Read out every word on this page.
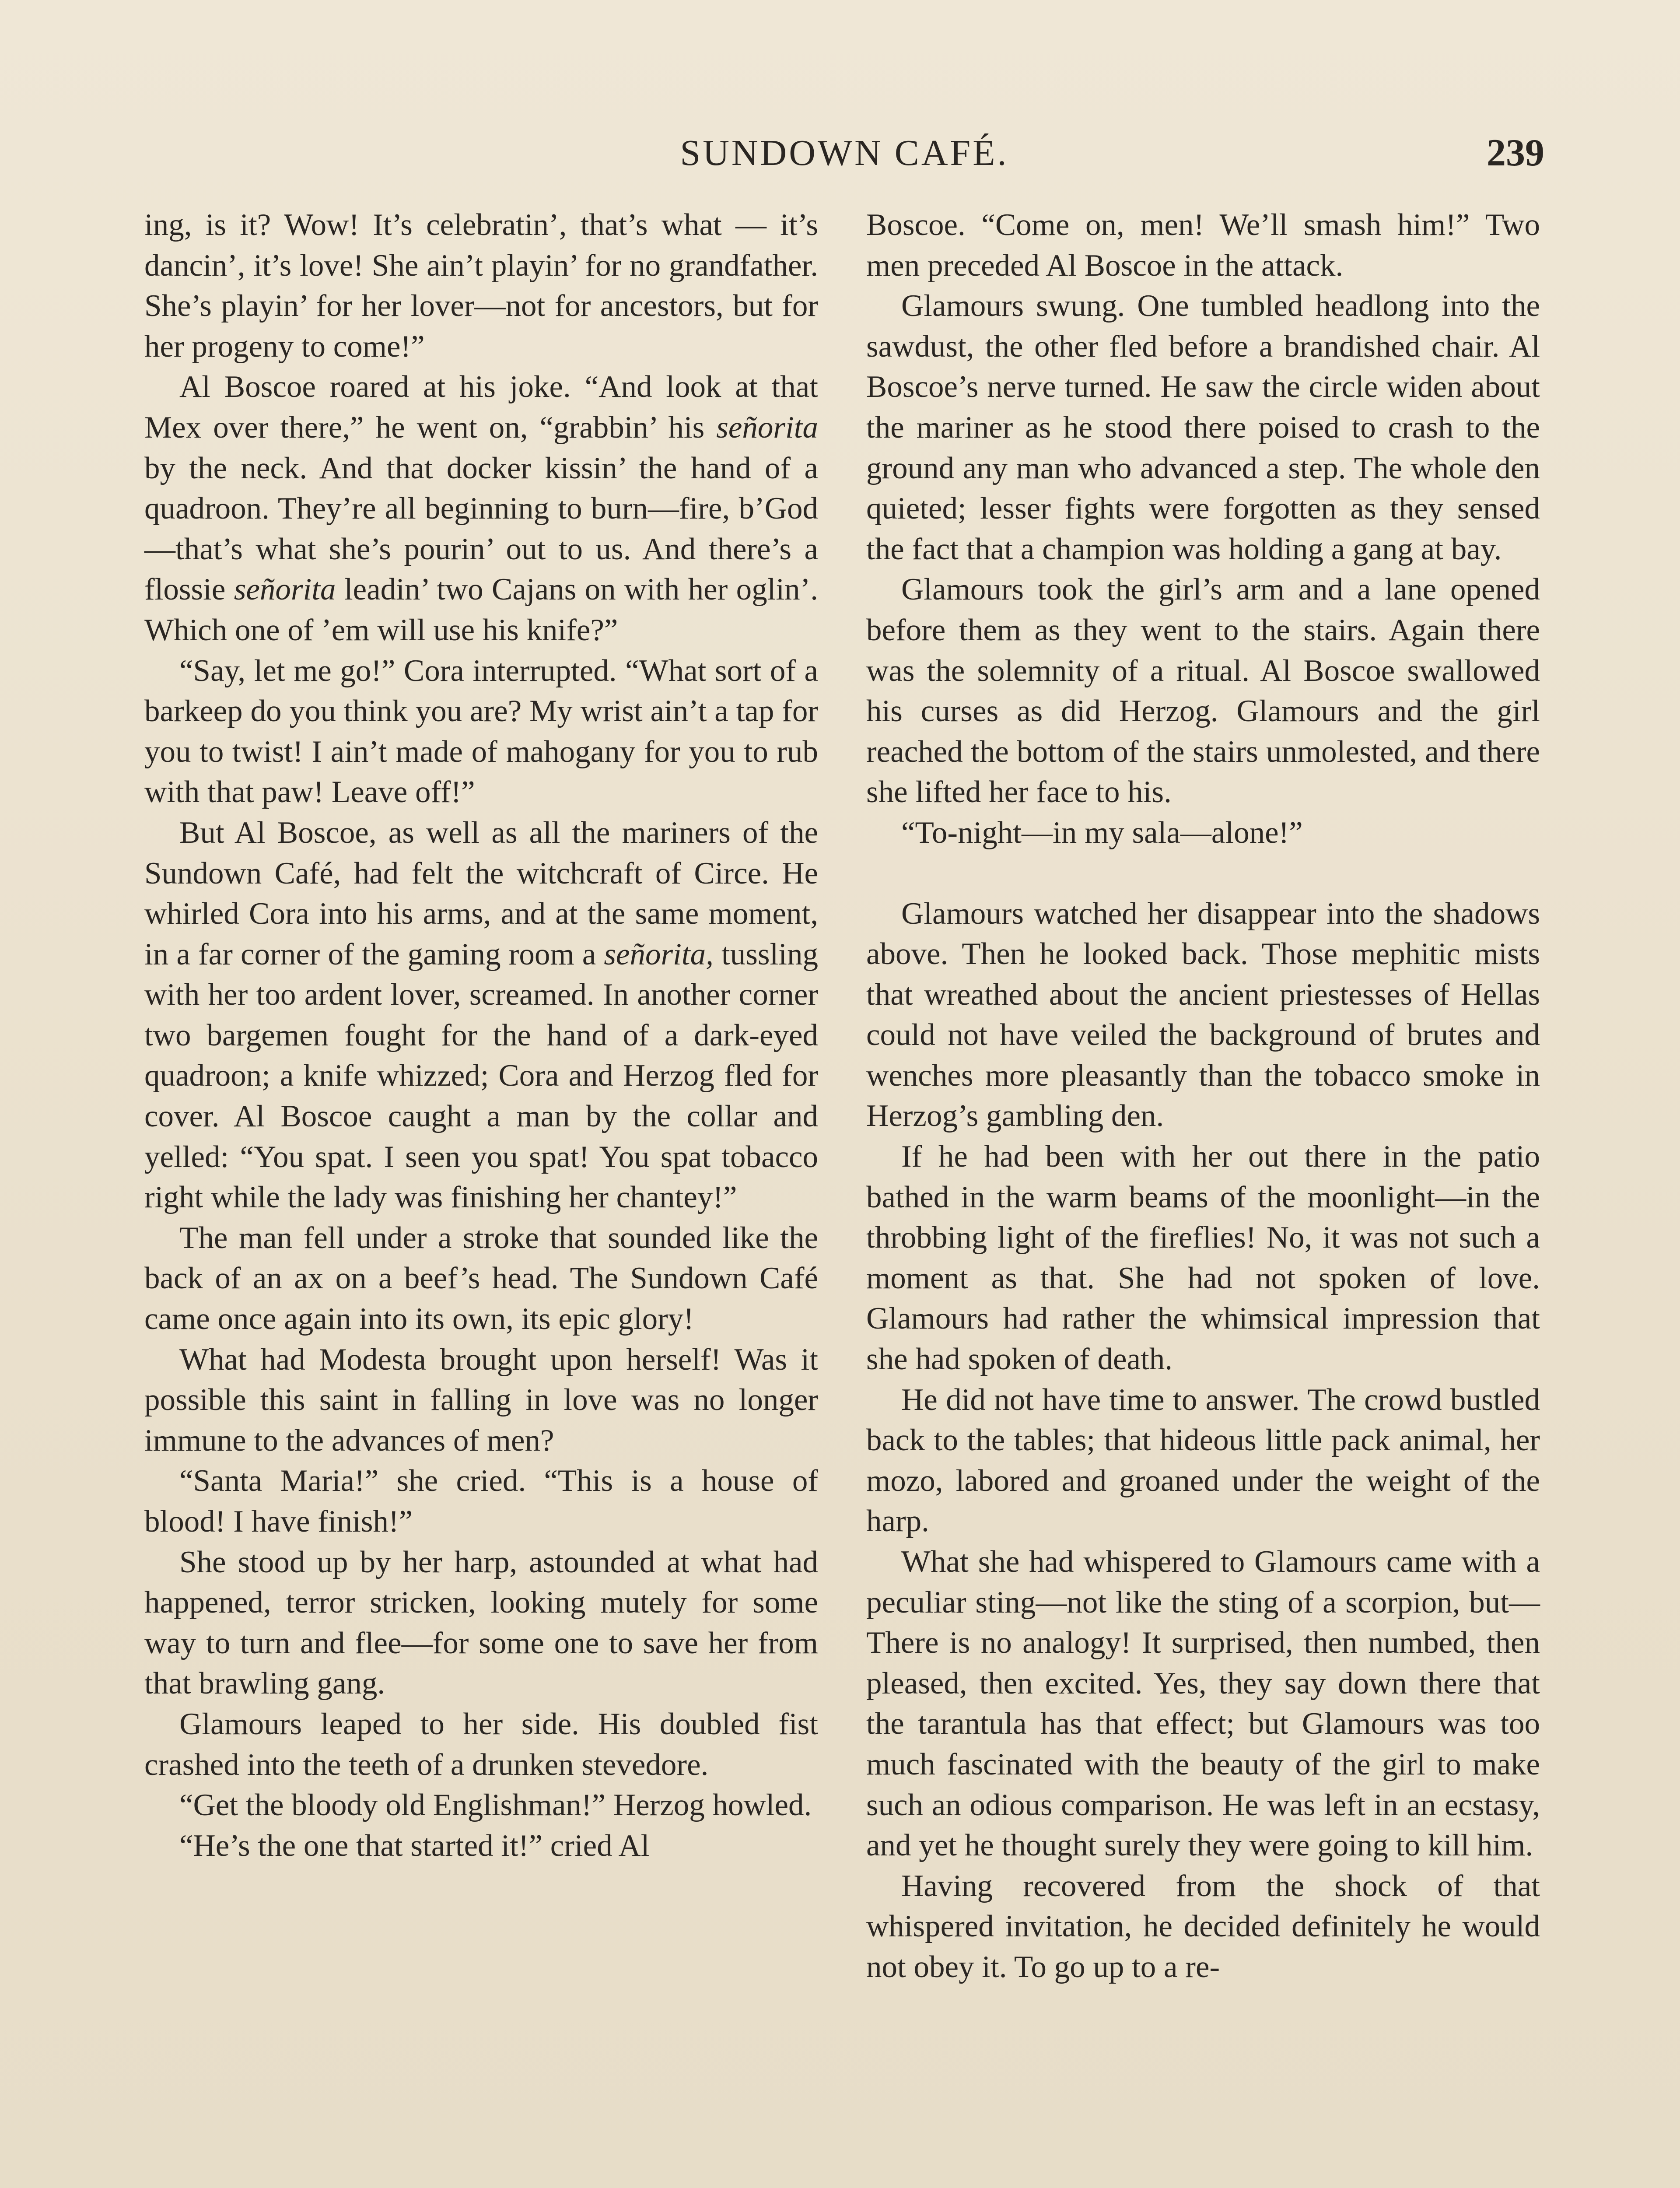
SUNDOWN CAFÉ.	239

ing, is it? Wow! It’s celebratin’, that’s what — it’s dancin’, it’s love! She ain’t playin’ for no grandfather. She’s playin’ for her lover—not for ancestors, but for her progeny to come!”

Al Boscoe roared at his joke. “And look at that Mex over there,” he went on, “grabbin’ his señorita by the neck. And that docker kissin’ the hand of a quadroon. They’re all beginning to burn—fire, b’God —that’s what she’s pourin’ out to us. And there’s a flossie señorita leadin’ two Cajans on with her oglin’. Which one of ’em will use his knife?”

“Say, let me go!” Cora interrupted. “What sort of a barkeep do you think you are? My wrist ain’t a tap for you to twist! I ain’t made of mahogany for you to rub with that paw! Leave off!”

But Al Boscoe, as well as all the mariners of the Sundown Café, had felt the witchcraft of Circe. He whirled Cora into his arms, and at the same moment, in a far corner of the gaming room a señorita, tussling with her too ardent lover, screamed. In another corner two bargemen fought for the hand of a dark-eyed quadroon; a knife whizzed; Cora and Herzog fled for cover. Al Boscoe caught a man by the collar and yelled: “You spat. I seen you spat! You spat tobacco right while the lady was finishing her chantey!”

The man fell under a stroke that sounded like the back of an ax on a beef’s head. The Sundown Café came once again into its own, its epic glory!

What had Modesta brought upon herself! Was it possible this saint in falling in love was no longer immune to the advances of men?

“Santa Maria!” she cried. “This is a house of blood! I have finish!”

She stood up by her harp, astounded at what had happened, terror stricken, looking mutely for some way to turn and flee—for some one to save her from that brawling gang.

Glamours leaped to her side. His doubled fist crashed into the teeth of a drunken stevedore.

“Get the bloody old Englishman!” Herzog howled.

“He’s the one that started it!” cried Al

Boscoe. “Come on, men! We’ll smash him!” Two men preceded Al Boscoe in the attack.

Glamours swung. One tumbled headlong into the sawdust, the other fled before a brandished chair. Al Boscoe’s nerve turned. He saw the circle widen about the mariner as he stood there poised to crash to the ground any man who advanced a step. The whole den quieted; lesser fights were forgotten as they sensed the fact that a champion was holding a gang at bay.

Glamours took the girl’s arm and a lane opened before them as they went to the stairs. Again there was the solemnity of a ritual. Al Boscoe swallowed his curses as did Herzog. Glamours and the girl reached the bottom of the stairs unmolested, and there she lifted her face to his.

“To-night—in my sala—alone!”

Glamours watched her disappear into the shadows above. Then he looked back. Those mephitic mists that wreathed about the ancient priestesses of Hellas could not have veiled the background of brutes and wenches more pleasantly than the tobacco smoke in Herzog’s gambling den.

If he had been with her out there in the patio bathed in the warm beams of the moonlight—in the throbbing light of the fireflies! No, it was not such a moment as that. She had not spoken of love. Glamours had rather the whimsical impression that she had spoken of death.

He did not have time to answer. The crowd bustled back to the tables; that hideous little pack animal, her mozo, labored and groaned under the weight of the harp.

What she had whispered to Glamours came with a peculiar sting—not like the sting of a scorpion, but— There is no analogy! It surprised, then numbed, then pleased, then excited. Yes, they say down there that the tarantula has that effect; but Glamours was too much fascinated with the beauty of the girl to make such an odious comparison. He was left in an ecstasy, and yet he thought surely they were going to kill him.

Having recovered from the shock of that whispered invitation, he decided definitely he would not obey it. To go up to a re-
